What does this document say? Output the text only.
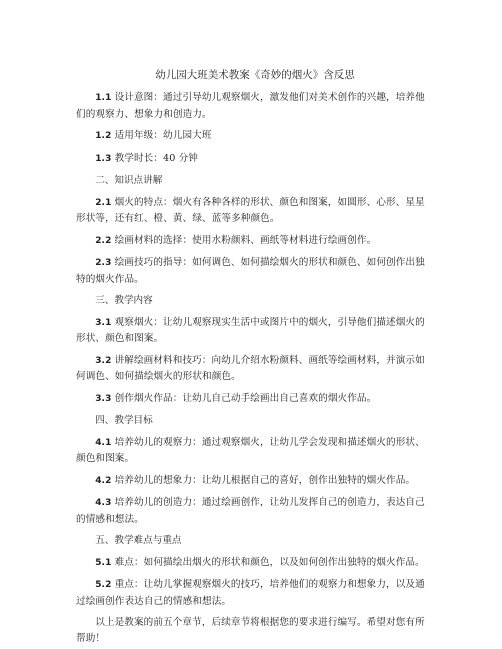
幼儿园大班美术教案《奇妙的烟火》含反思

1.1 设计意图：通过引导幼儿观察烟火，激发他们对美术创作的兴趣，培养他们的观察力、想象力和创造力。

1.2 适用年级：幼儿园大班

1.3 教学时长：40 分钟

二、知识点讲解

2.1 烟火的特点：烟火有各种各样的形状、颜色和图案，如圆形、心形、星星形状等，还有红、橙、黄、绿、蓝等多种颜色。

2.2 绘画材料的选择：使用水粉颜料、画纸等材料进行绘画创作。

2.3 绘画技巧的指导：如何调色、如何描绘烟火的形状和颜色、如何创作出独特的烟火作品。

三、教学内容

3.1 观察烟火：让幼儿观察现实生活中或图片中的烟火，引导他们描述烟火的形状、颜色和图案。

3.2 讲解绘画材料和技巧：向幼儿介绍水粉颜料、画纸等绘画材料，并演示如何调色、如何描绘烟火的形状和颜色。

3.3 创作烟火作品：让幼儿自己动手绘画出自己喜欢的烟火作品。

四、教学目标

4.1 培养幼儿的观察力：通过观察烟火，让幼儿学会发现和描述烟火的形状、颜色和图案。

4.2 培养幼儿的想象力：让幼儿根据自己的喜好，创作出独特的烟火作品。

4.3 培养幼儿的创造力：通过绘画创作，让幼儿发挥自己的创造力，表达自己的情感和想法。

五、教学难点与重点

5.1 难点：如何描绘出烟火的形状和颜色，以及如何创作出独特的烟火作品。

5.2 重点：让幼儿掌握观察烟火的技巧，培养他们的观察力和想象力，以及通过绘画创作表达自己的情感和想法。

以上是教案的前五个章节，后续章节将根据您的要求进行编写。希望对您有所帮助！
